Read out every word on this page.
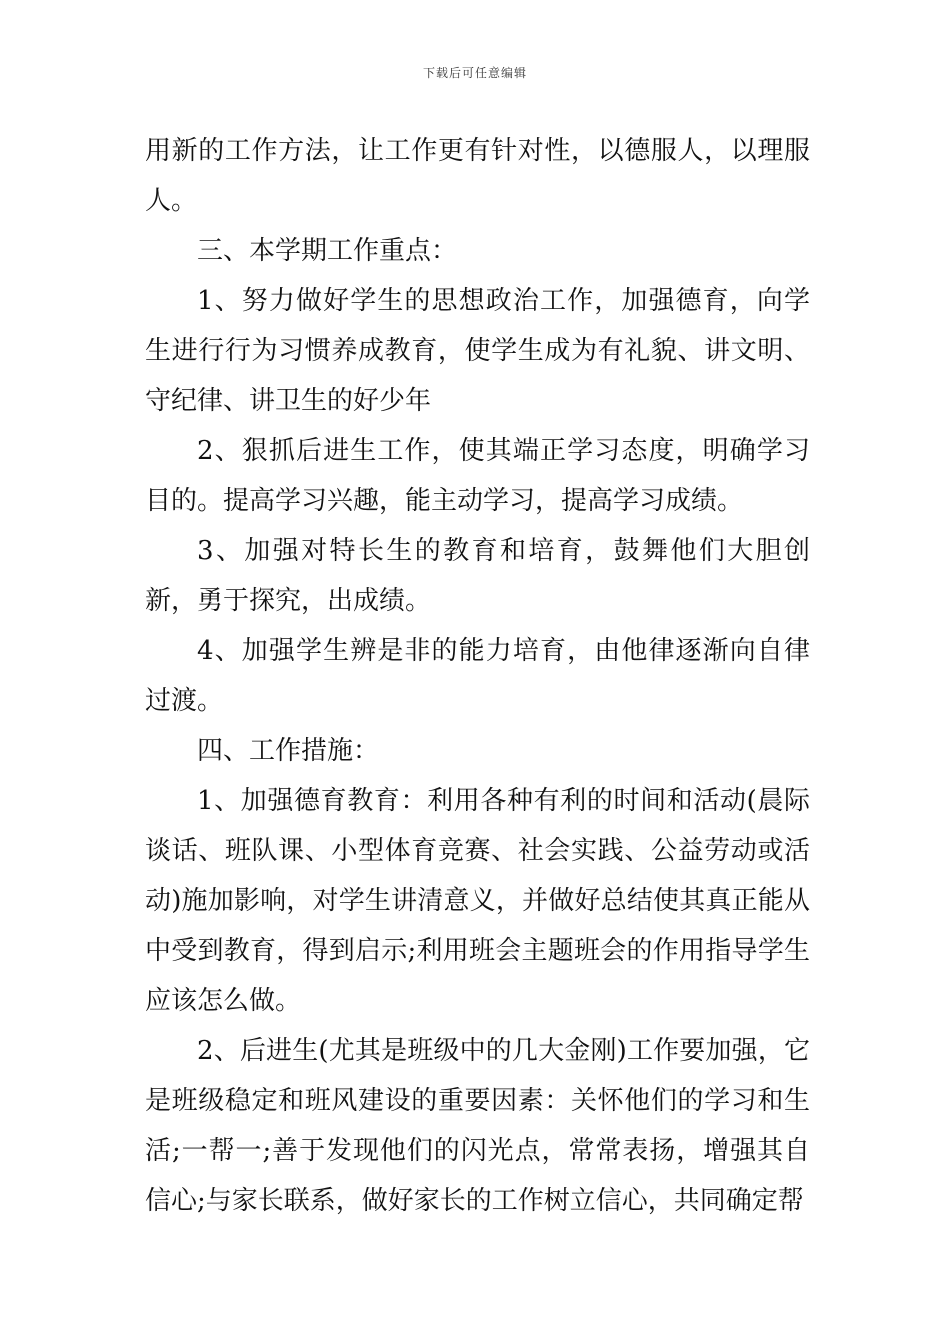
下载后可任意编辑

用新的工作方法，让工作更有针对性，以德服人，以理服人。

三、本学期工作重点：

1、努力做好学生的思想政治工作，加强德育，向学生进行行为习惯养成教育，使学生成为有礼貌、讲文明、守纪律、讲卫生的好少年

2、狠抓后进生工作，使其端正学习态度，明确学习目的。提高学习兴趣，能主动学习，提高学习成绩。

3、加强对特长生的教育和培育，鼓舞他们大胆创新，勇于探究，出成绩。

4、加强学生辨是非的能力培育，由他律逐渐向自律过渡。

四、工作措施：

1、加强德育教育：利用各种有利的时间和活动(晨际谈话、班队课、小型体育竞赛、社会实践、公益劳动或活动)施加影响，对学生讲清意义，并做好总结使其真正能从中受到教育，得到启示;利用班会主题班会的作用指导学生应该怎么做。

2、后进生(尤其是班级中的几大金刚)工作要加强，它是班级稳定和班风建设的重要因素：关怀他们的学习和生活;一帮一;善于发现他们的闪光点，常常表扬，增强其自信心;与家长联系，做好家长的工作树立信心，共同确定帮
